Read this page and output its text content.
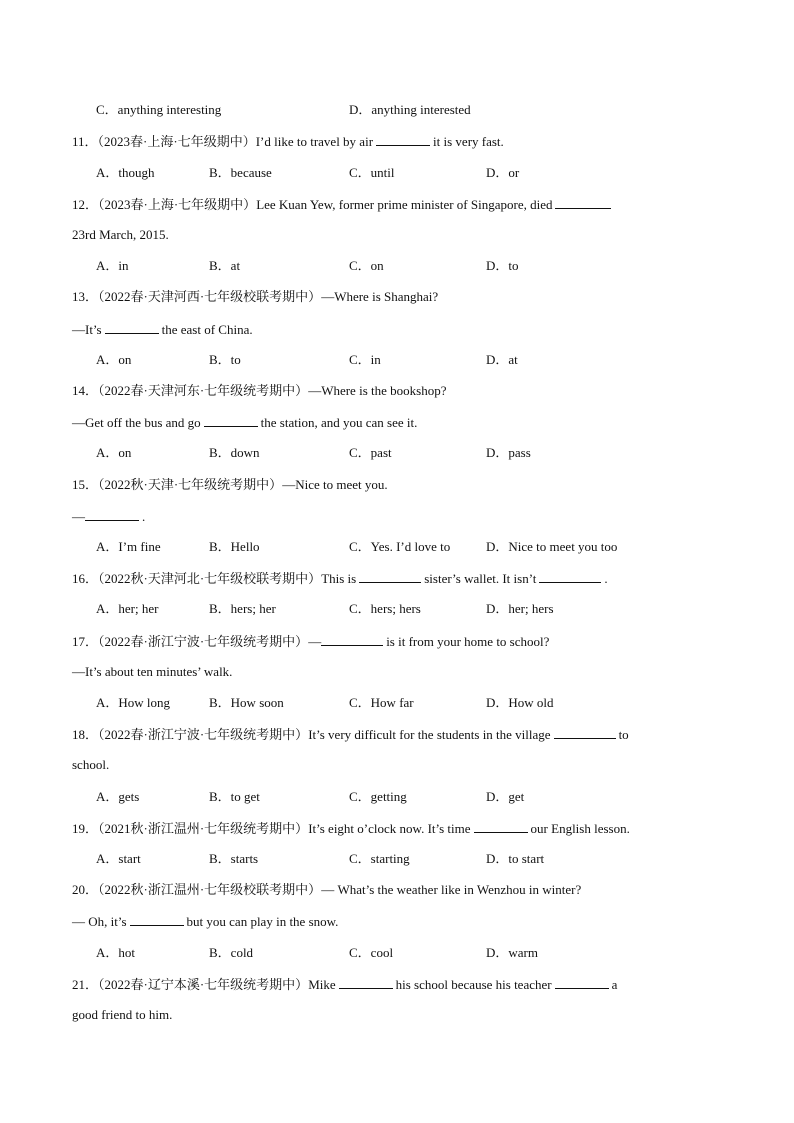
C．anything interesting	D．anything interested
11．（2023春·上海·七年级期中）I’d like to travel by air	it is very fast.
A．though	B．because	C．until	D．or
12．（2023春·上海·七年级期中）Lee Kuan Yew, former prime minister of Singapore, died
23rd March, 2015.
A．in	B．at	C．on	D．to
13．（2022春·天津河西·七年级校联考期中）—Where is Shanghai?
—It’s	the east of China.
A．on	B．to	C．in	D．at
14．（2022春·天津河东·七年级统考期中）—Where is the bookshop?
—Get off the bus and go	the station, and you can see it.
A．on	B．down	C．past	D．pass
15．（2022秋·天津·七年级统考期中）—Nice to meet you.
—	.
A．I’m fine	B．Hello	C．Yes. I’d love to	D．Nice to meet you too
16．（2022秋·天津河北·七年级校联考期中）This is	sister’s wallet. It isn’t	.
A．her; her	B．hers; her	C．hers; hers	D．her; hers
17．（2022春·浙江宁波·七年级统考期中）—	is it from your home to school?
—It’s about ten minutes’ walk.
A．How long	B．How soon	C．How far	D．How old
18．（2022春·浙江宁波·七年级统考期中）It’s very difficult for the students in the village	to
school.
A．gets	B．to get	C．getting	D．get
19．（2021秋·浙江温州·七年级统考期中）It’s eight o’clock now. It’s time	our English lesson.
A．start	B．starts	C．starting	D．to start
20．（2022秋·浙江温州·七年级校联考期中）— What’s the weather like in Wenzhou in winter?
— Oh, it’s	but you can play in the snow.
A．hot	B．cold	C．cool	D．warm
21．（2022春·辽宁本溪·七年级统考期中）Mike	his school because his teacher	a
good friend to him.
